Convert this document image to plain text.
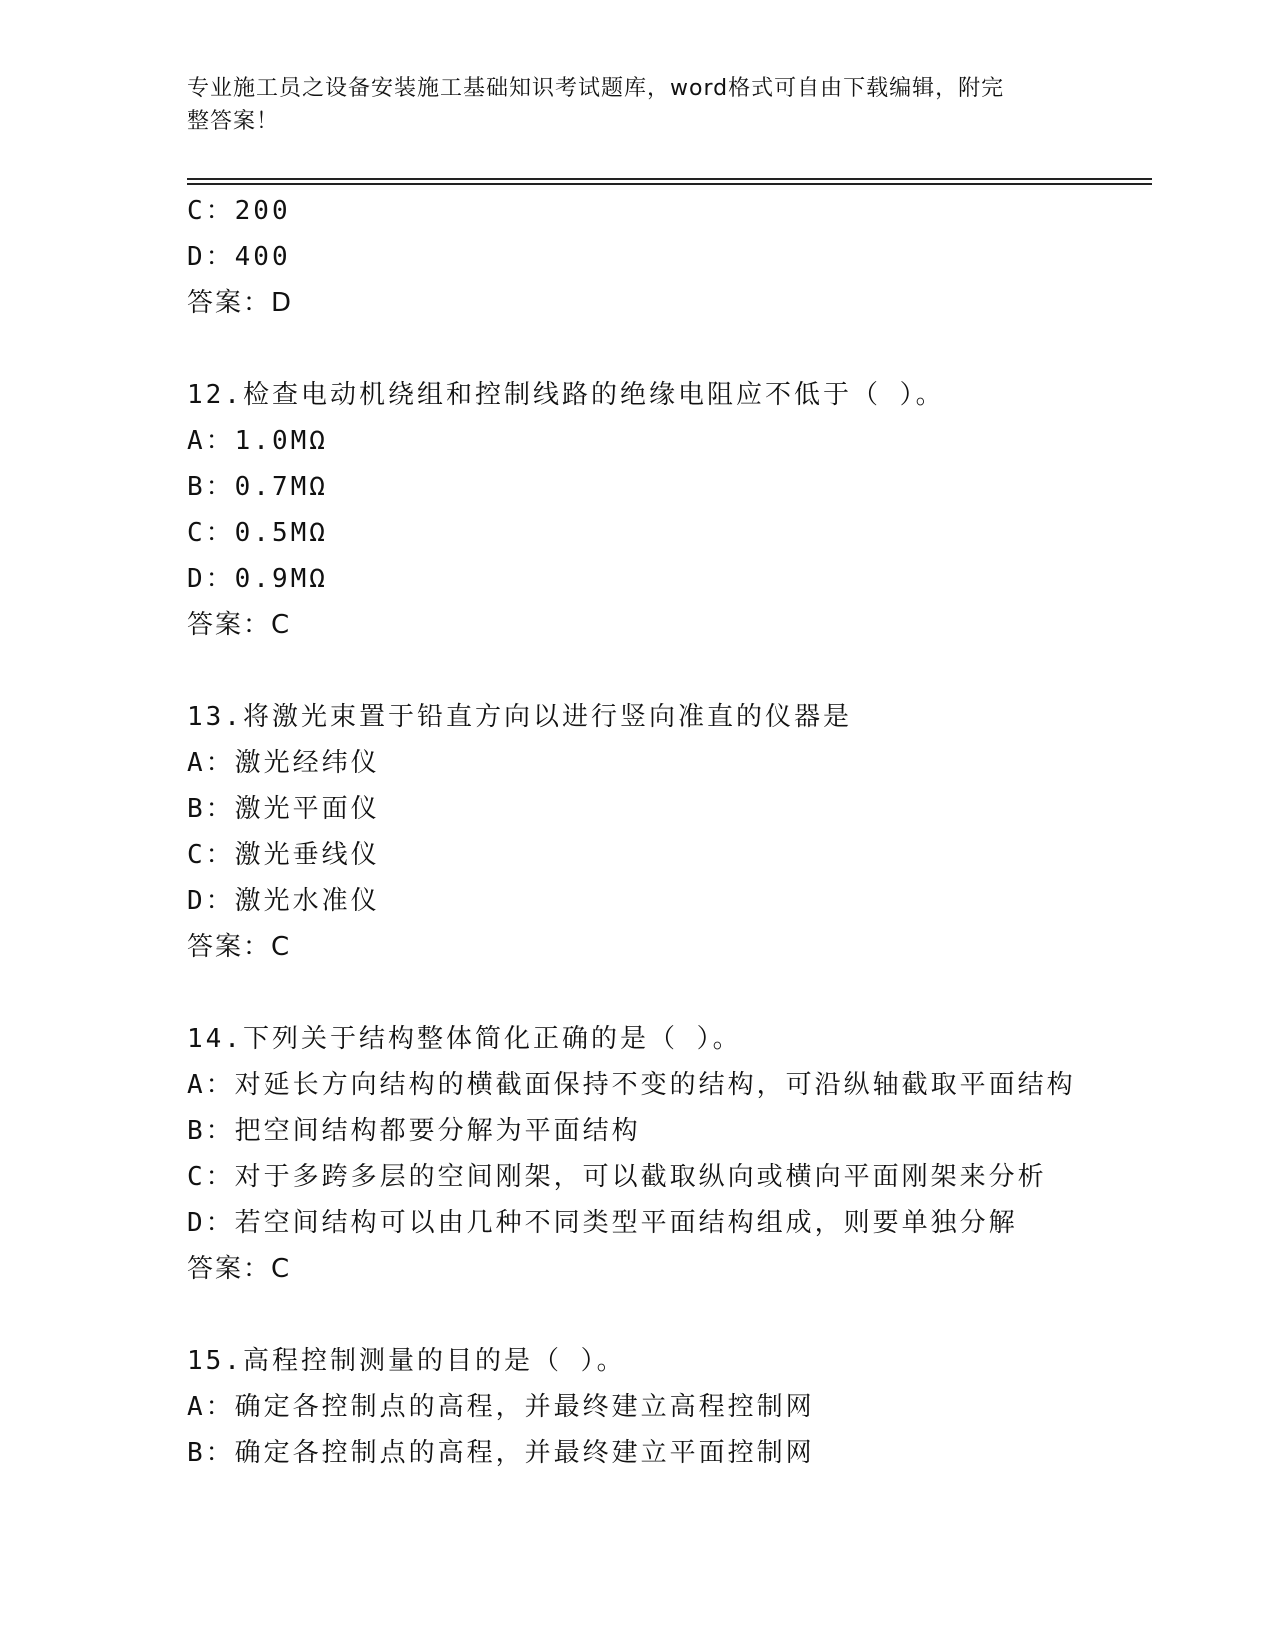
专业施工员之设备安装施工基础知识考试题库，word格式可自由下载编辑，附完
整答案！
C：200
D：400
答案：D
12.检查电动机绕组和控制线路的绝缘电阻应不低于（ ）。
A：1.0MΩ
B：0.7MΩ
C：0.5MΩ
D：0.9MΩ
答案：C
13.将激光束置于铅直方向以进行竖向准直的仪器是
A：激光经纬仪
B：激光平面仪
C：激光垂线仪
D：激光水准仪
答案：C
14.下列关于结构整体简化正确的是（ ）。
A：对延长方向结构的横截面保持不变的结构，可沿纵轴截取平面结构
B：把空间结构都要分解为平面结构
C：对于多跨多层的空间刚架，可以截取纵向或横向平面刚架来分析
D：若空间结构可以由几种不同类型平面结构组成，则要单独分解
答案：C
15.高程控制测量的目的是（ ）。
A：确定各控制点的高程，并最终建立高程控制网
B：确定各控制点的高程，并最终建立平面控制网
